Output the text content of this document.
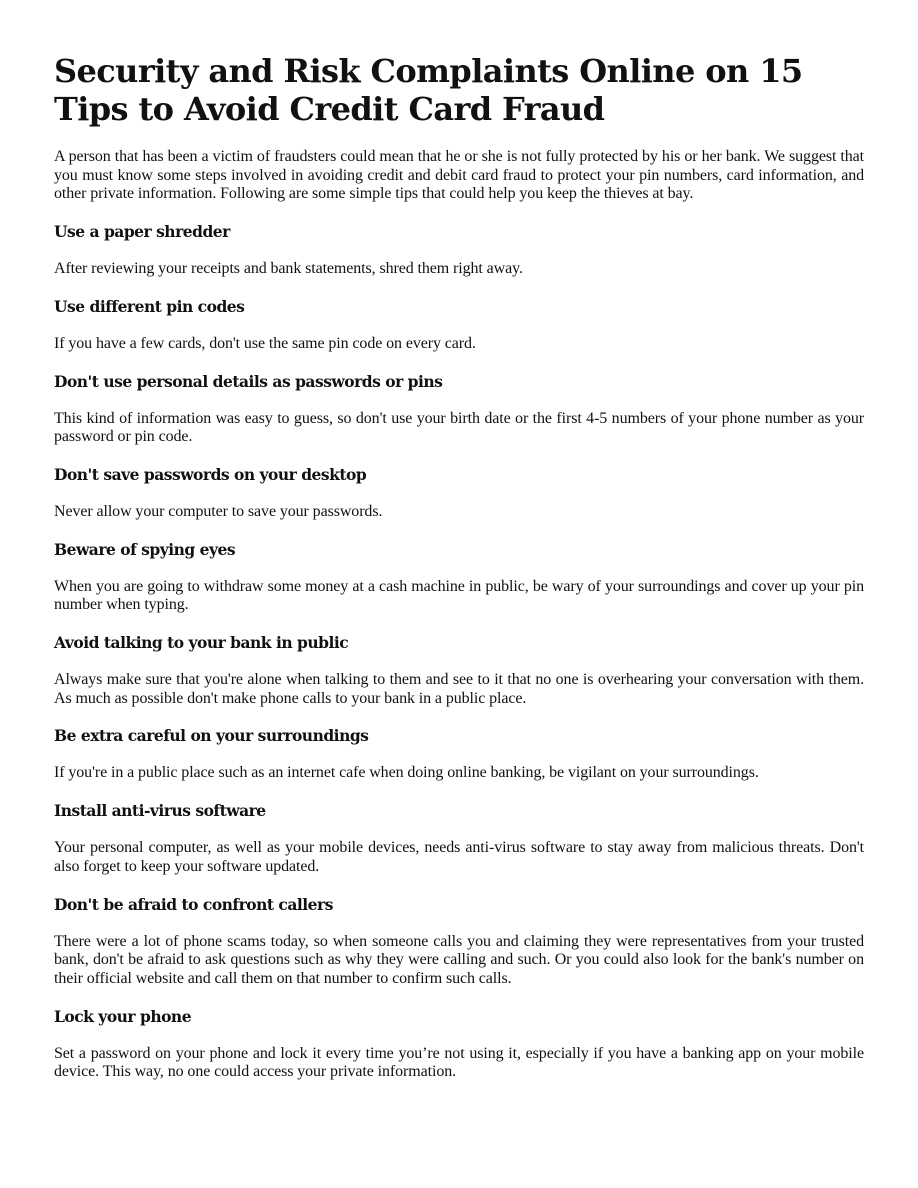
Security and Risk Complaints Online on 15 Tips to Avoid Credit Card Fraud

A person that has been a victim of fraudsters could mean that he or she is not fully protected by his or her bank. We suggest that you must know some steps involved in avoiding credit and debit card fraud to protect your pin numbers, card information, and other private information. Following are some simple tips that could help you keep the thieves at bay.

Use a paper shredder

After reviewing your receipts and bank statements, shred them right away.

Use different pin codes

If you have a few cards, don't use the same pin code on every card.

Don't use personal details as passwords or pins

This kind of information was easy to guess, so don't use your birth date or the first 4-5 numbers of your phone number as your password or pin code.

Don't save passwords on your desktop

Never allow your computer to save your passwords.

Beware of spying eyes

When you are going to withdraw some money at a cash machine in public, be wary of your surroundings and cover up your pin number when typing.

Avoid talking to your bank in public

Always make sure that you're alone when talking to them and see to it that no one is overhearing your conversation with them. As much as possible don't make phone calls to your bank in a public place.

Be extra careful on your surroundings

If you're in a public place such as an internet cafe when doing online banking, be vigilant on your surroundings.

Install anti-virus software

Your personal computer, as well as your mobile devices, needs anti-virus software to stay away from malicious threats. Don't also forget to keep your software updated.

Don't be afraid to confront callers

There were a lot of phone scams today, so when someone calls you and claiming they were representatives from your trusted bank, don't be afraid to ask questions such as why they were calling and such. Or you could also look for the bank's number on their official website and call them on that number to confirm such calls.

Lock your phone

Set a password on your phone and lock it every time you’re not using it, especially if you have a banking app on your mobile device. This way, no one could access your private information.
